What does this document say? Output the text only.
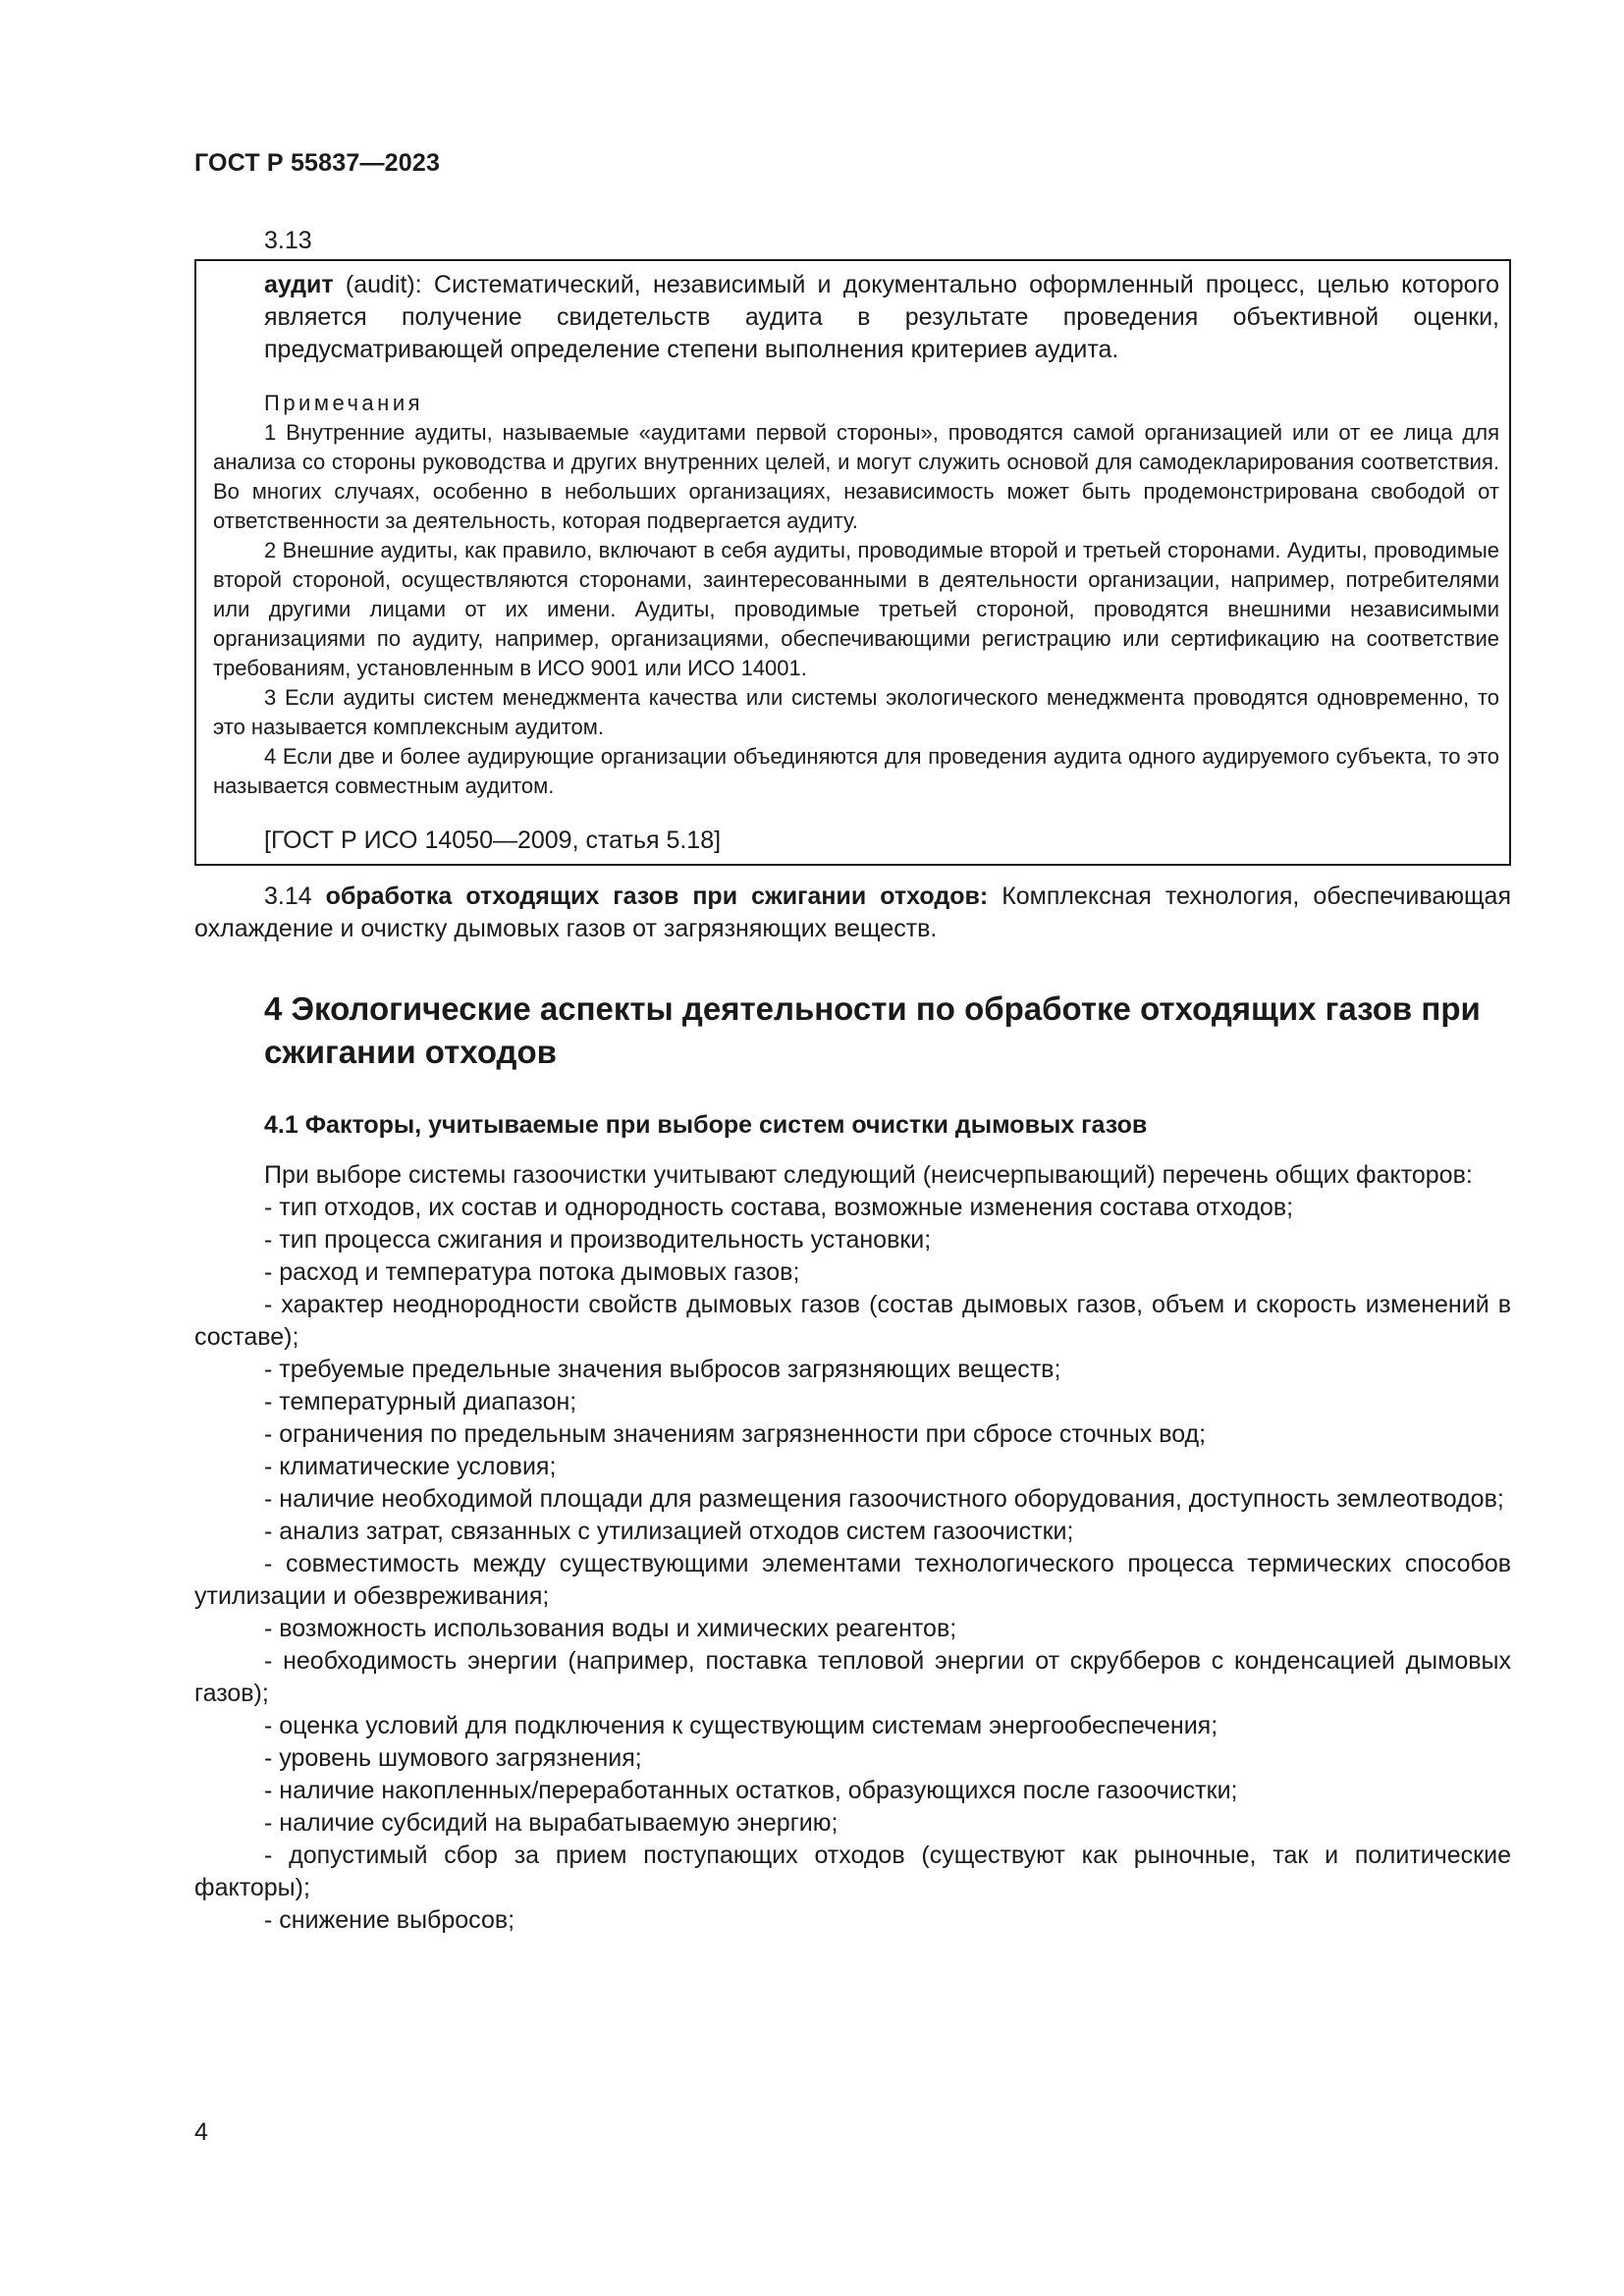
ГОСТ Р 55837—2023
3.13
аудит (audit): Систематический, независимый и документально оформленный процесс, целью которого является получение свидетельств аудита в результате проведения объективной оценки, предусматривающей определение степени выполнения критериев аудита.
Примечания

1 Внутренние аудиты, называемые «аудитами первой стороны», проводятся самой организацией или от ее лица для анализа со стороны руководства и других внутренних целей, и могут служить основой для самодекларирования соответствия. Во многих случаях, особенно в небольших организациях, независимость может быть продемонстрирована свободой от ответственности за деятельность, которая подвергается аудиту.

2 Внешние аудиты, как правило, включают в себя аудиты, проводимые второй и третьей сторонами. Аудиты, проводимые второй стороной, осуществляются сторонами, заинтересованными в деятельности организации, например, потребителями или другими лицами от их имени. Аудиты, проводимые третьей стороной, проводятся внешними независимыми организациями по аудиту, например, организациями, обеспечивающими регистрацию или сертификацию на соответствие требованиям, установленным в ИСО 9001 или ИСО 14001.

3 Если аудиты систем менеджмента качества или системы экологического менеджмента проводятся одновременно, то это называется комплексным аудитом.

4 Если две и более аудирующие организации объединяются для проведения аудита одного аудируемого субъекта, то это называется совместным аудитом.

[ГОСТ Р ИСО 14050—2009, статья 5.18]

3.14 обработка отходящих газов при сжигании отходов: Комплексная технология, обеспечивающая охлаждение и очистку дымовых газов от загрязняющих веществ.

4 Экологические аспекты деятельности по обработке отходящих газов при сжигании отходов
4.1 Факторы, учитываемые при выборе систем очистки дымовых газов

При выборе системы газоочистки учитывают следующий (неисчерпывающий) перечень общих факторов:

- тип отходов, их состав и однородность состава, возможные изменения состава отходов;
- тип процесса сжигания и производительность установки;
- расход и температура потока дымовых газов;
- характер неоднородности свойств дымовых газов (состав дымовых газов, объем и скорость изменений в составе);
- требуемые предельные значения выбросов загрязняющих веществ;
- температурный диапазон;
- ограничения по предельным значениям загрязненности при сбросе сточных вод;
- климатические условия;
- наличие необходимой площади для размещения газоочистного оборудования, доступность землеотводов;
- анализ затрат, связанных с утилизацией отходов систем газоочистки;
- совместимость между существующими элементами технологического процесса термических способов утилизации и обезвреживания;
- возможность использования воды и химических реагентов;
- необходимость энергии (например, поставка тепловой энергии от скрубберов с конденсацией дымовых газов);
- оценка условий для подключения к существующим системам энергообеспечения;
- уровень шумового загрязнения;
- наличие накопленных/переработанных остатков, образующихся после газоочистки;
- наличие субсидий на вырабатываемую энергию;
- допустимый сбор за прием поступающих отходов (существуют как рыночные, так и политические факторы);
- снижение выбросов;
4
